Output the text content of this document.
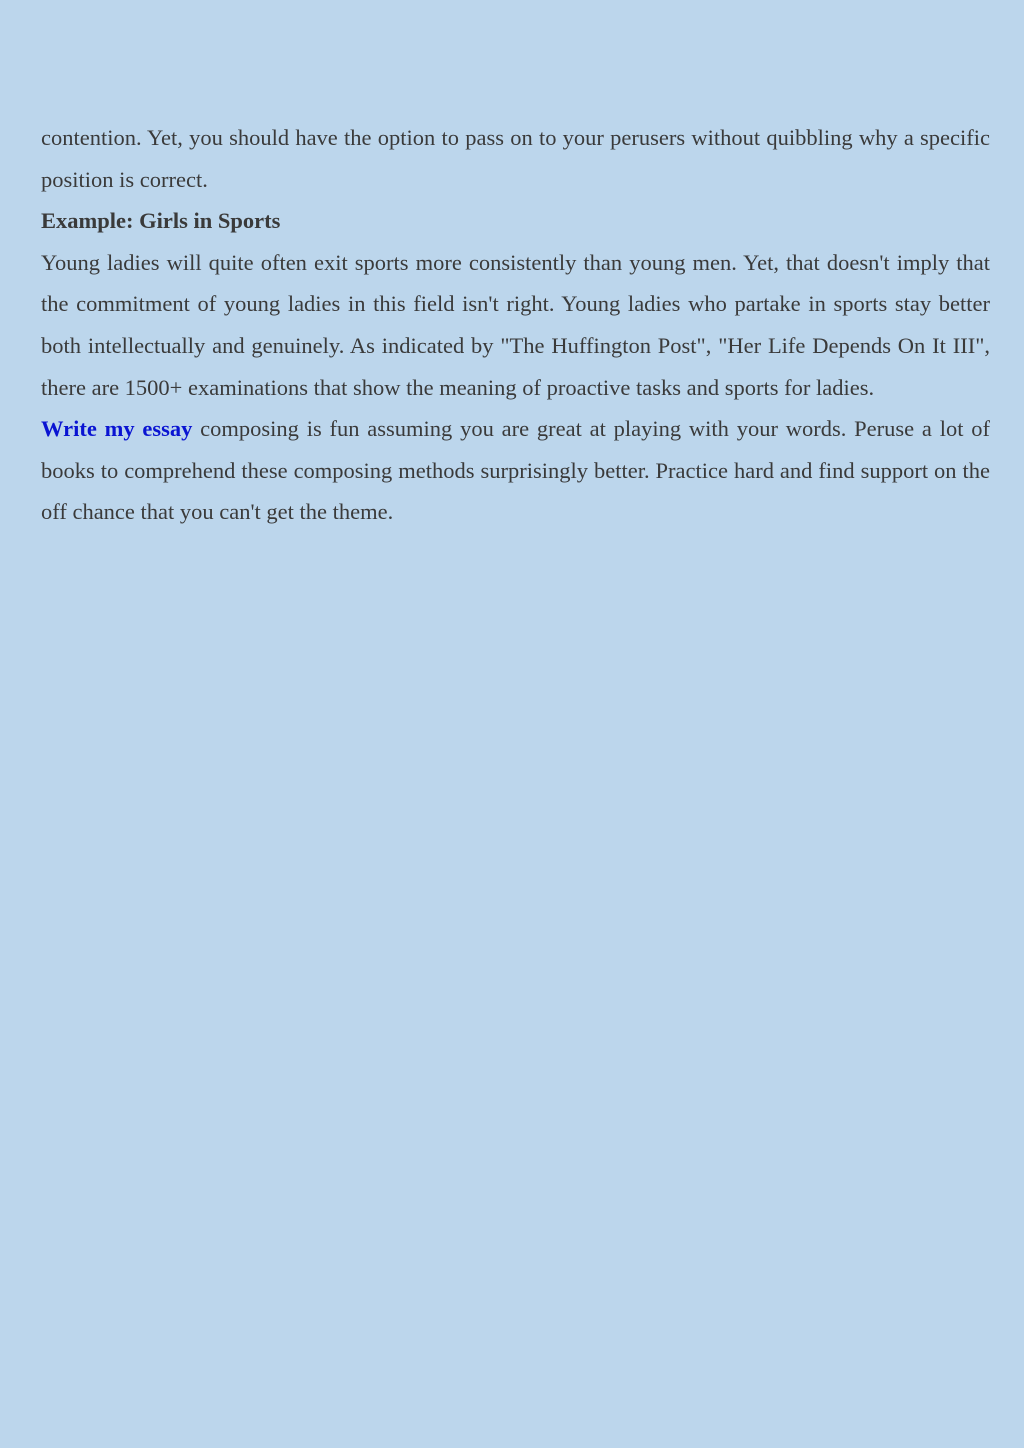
contention. Yet, you should have the option to pass on to your perusers without quibbling why a specific position is correct.

Example: Girls in Sports

Young ladies will quite often exit sports more consistently than young men. Yet, that doesn't imply that the commitment of young ladies in this field isn't right. Young ladies who partake in sports stay better both intellectually and genuinely. As indicated by "The Huffington Post", "Her Life Depends On It III", there are 1500+ examinations that show the meaning of proactive tasks and sports for ladies.

Write my essay composing is fun assuming you are great at playing with your words. Peruse a lot of books to comprehend these composing methods surprisingly better. Practice hard and find support on the off chance that you can't get the theme.
